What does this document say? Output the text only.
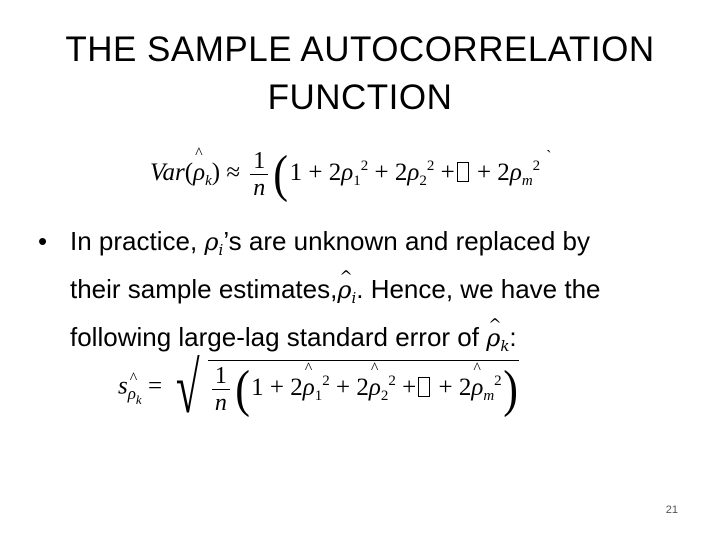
THE SAMPLE AUTOCORRELATION FUNCTION
Var(^ $\rho_k) \approx \frac{1}{n} (1 + 2\rho_1^2 + 2\rho_2^2$ + + $2\rho_m^2`$
• In practice, $\rho_i’s$ are unknown and replaced by
their sample estimates,^ $\rho_i$. Hence, we have the
following large-lag standard error of ^ $\rho_k$:
s^ $_{\rho_k}$ = √ $\frac{1}{n} (1$ + 2^ $\rho_1^2$ + 2^ $\rho_2^2$ + + 2^ $\rho_m^2$)
21
